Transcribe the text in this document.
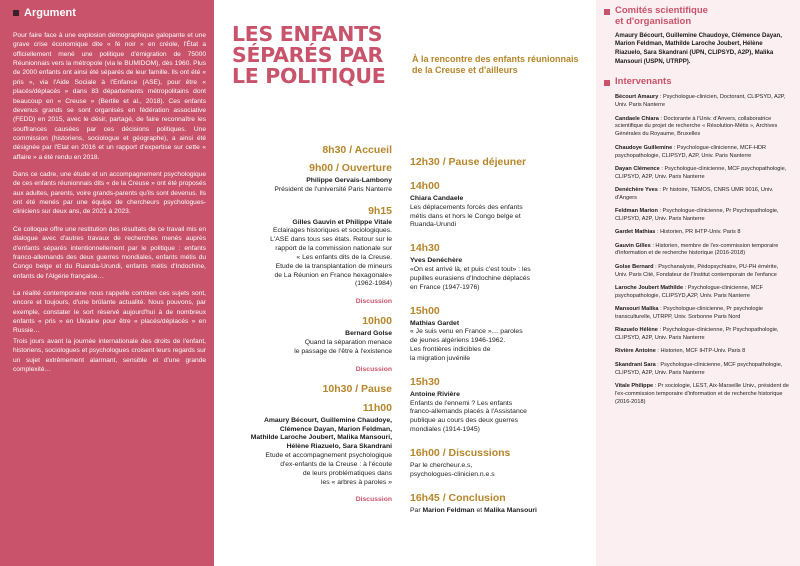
Argument

Pour faire face à une explosion démographique galopante et une grave crise économique dite « fé noir » en créole, l'État a officiellement mené une politique d'émigration de 75000 Réunionnais vers la métropole (via le BUMIDOM), dès 1960. Plus de 2000 enfants ont ainsi été séparés de leur famille. Ils ont été « pris », via l'Aide Sociale à l'Enfance (ASE), pour être « placés/déplacés » dans 83 départements métropolitains dont beaucoup en « Creuse » (Bertile et al., 2018). Ces enfants devenus grands se sont organisés en fédération associative (FEDD) en 2015, avec le désir, partagé, de faire reconnaître les souffrances causées par ces décisions politiques. Une commission (historiens, sociologue et géographe), a ainsi été désignée par l'Etat en 2016 et un rapport d'expertise sur cette « affaire » a été rendu en 2018.

Dans ce cadre, une étude et un accompagnement psychologique de ces enfants réunionnais dits « de la Creuse » ont été proposés aux adultes, parents, voire grands-parents qu'ils sont devenus. Ils ont été menés par une équipe de chercheurs psychologues-cliniciens sur deux ans, de 2021 à 2023.

Ce colloque offre une restitution des résultats de ce travail mis en dialogue avec d'autres travaux de recherches menés auprès d'enfants séparés intentionnellement par le politique : enfants franco-allemands des deux guerres mondiales, enfants métis du Congo belge et du Ruanda-Urundi, enfants métis d'Indochine, enfants de l'Algérie française…

La réalité contemporaine nous rappelle combien ces sujets sont, encore et toujours, d'une brûlante actualité. Nous pouvons, par exemple, constater le sort réservé aujourd'hui à de nombreux enfants « pris » en Ukraine pour être « placés/déplacés » en Russie…

Trois jours avant la journée internationale des droits de l'enfant, historiens, sociologues et psychologues croisent leurs regards sur un sujet extrêmement alarmant, sensible et d'une grande complexité…

LES ENFANTS
SÉPARÉS PAR
LE POLITIQUE
À la rencontre des enfants réunionnais de la Creuse et d'ailleurs
8h30 / Accueil
9h00 / Ouverture
Philippe Gervais-Lambony
Président de l'université Paris Nanterre
9h15
Gilles Gauvin et Philippe Vitale
Eclairages historiques et sociologiques.
L'ASE dans tous ses états. Retour sur le
rapport de la commission nationale sur
« Les enfants dits de la Creuse.
Etude de la transplantation de mineurs
de La Réunion en France hexagonale»
(1962-1984)
Discussion
10h00
Bernard Golse
Quand la séparation menace
le passage de l'être à l'existence
Discussion
10h30 / Pause
11h00
Amaury Bécourt, Guillemine Chaudoye,
Clémence Dayan, Marion Feldman,
Mathilde Laroche Joubert, Malika Mansouri,
Hélène Riazuelo, Sara Skandrani
Etude et accompagnement psychologique
d'ex-enfants de la Creuse : à l'écoute
de leurs problématiques dans
les « arbres à paroles »
Discussion
12h30 / Pause déjeuner
14h00
Chiara Candaele
Les déplacements forcés des enfants
métis dans et hors le Congo belge et
Ruanda-Urundi
14h30
Yves Denéchère
«On est arrivé là, et puis c'est tout» : les
pupilles eurasiens d'Indochine déplacés
en France (1947-1976)
15h00
Mathias Gardet
« Je suis venu en France »… paroles
de jeunes algériens 1946-1962.
Les frontières indicibles de
la migration juvénile
15h30
Antoine Rivière
Enfants de l'ennemi ? Les enfants
franco-allemands placés à l'Assistance
publique au cours des deux guerres
mondiales (1914-1945)
16h00 / Discussions
Par le chercheur.e.s,
psychologues-clinicien.n.e.s
16h45 / Conclusion
Par Marion Feldman et Malika Mansouri
Comités scientifique
et d'organisation
Amaury Bécourt, Guillemine Chaudoye, Clémence Dayan, Marion Feldman, Mathilde Laroche Joubert, Hélène Riazuelo, Sara Skandrani (UPN, CLIPSYD, A2P), Malika Mansouri (USPN, UTRPP).
Intervenants
Bécourt Amaury : Psychologue-clinicien, Doctorant, CLIPSYD, A2P, Univ. Paris Nanterre
Candaele Chiara : Doctorante à l'Univ. d'Anvers, collaboratrice scientifique du projet de recherche « Résolution-Métis », Archives Générales du Royaume, Bruxelles
Chaudoye Guillemine : Psychologue-clinicienne, MCF-HDR psychopathologie, CLIPSYD, A2P, Univ. Paris Nanterre
Dayan Clémence : Psychologue-clinicienne, MCF psychopathologie, CLIPSYD, A2P, Univ. Paris Nanterre
Denéchère Yves : Pr histoire, TEMOS, CNRS UMR 9016, Univ. d'Angers
Feldman Marion : Psychologue-clinicienne, Pr Psychopathologie, CLIPSYD, A2P, Univ. Paris Nanterre
Gardet Mathias : Historien, PR IHTP-Univ. Paris 8
Gauvin Gilles : Historien, membre de l'ex-commission temporaire d'information et de recherche historique (2016-2018)
Golse Bernard : Psychanalyste, Pédopsychiatre, PU-PH émérite, Univ. Paris Cité, Fondateur de l'Institut contemporain de l'enfance
Laroche Joubert Mathilde : Psychologue-clinicienne, MCF psychopathologie, CLIPSYD,A2P, Univ. Paris Nanterre
Mansouri Malika : Psychologue-clinicienne, Pr psychologie transculturelle, UTRPP, Univ. Sorbonne Paris Nord
Riazuelo Hélène : Psychologue-clinicienne, Pr Psychopathologie, CLIPSYD, A2P, Univ. Paris Nanterre
Rivière Antoine : Historien, MCF IHTP-Univ. Paris 8
Skandrani Sara : Psychologue-clinicienne, MCF psychopathologie, CLIPSYD, A2P, Univ. Paris Nanterre
Vitale Philippe : Pr sociologie, LEST, Aix-Marseille Univ., président de l'ex-commission temporaire d'information et de recherche historique (2016-2018)
